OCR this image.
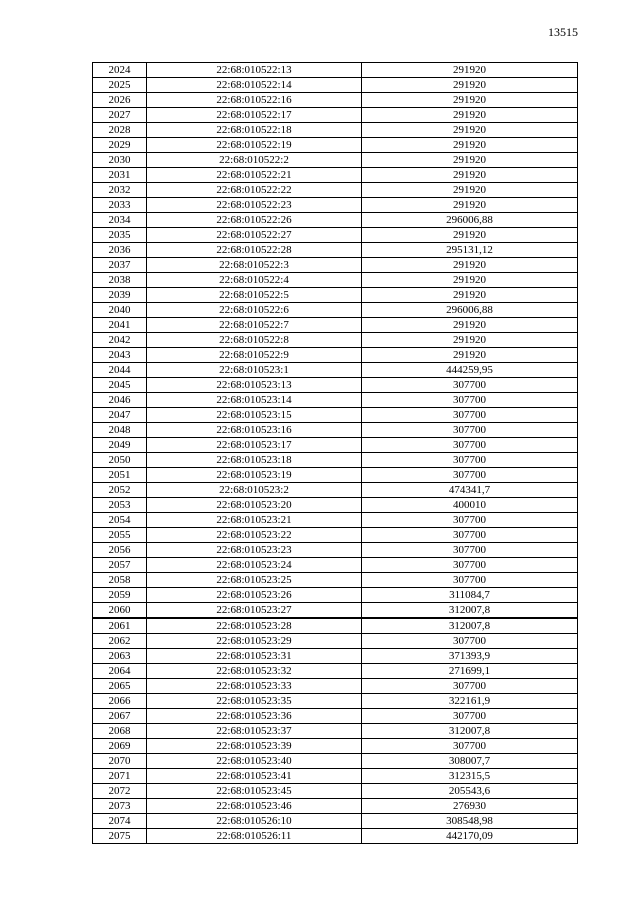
13515
2024	22:68:010522:13	291920
2025	22:68:010522:14	291920
2026	22:68:010522:16	291920
2027	22:68:010522:17	291920
2028	22:68:010522:18	291920
2029	22:68:010522:19	291920
2030	22:68:010522:2	291920
2031	22:68:010522:21	291920
2032	22:68:010522:22	291920
2033	22:68:010522:23	291920
2034	22:68:010522:26	296006,88
2035	22:68:010522:27	291920
2036	22:68:010522:28	295131,12
2037	22:68:010522:3	291920
2038	22:68:010522:4	291920
2039	22:68:010522:5	291920
2040	22:68:010522:6	296006,88
2041	22:68:010522:7	291920
2042	22:68:010522:8	291920
2043	22:68:010522:9	291920
2044	22:68:010523:1	444259,95
2045	22:68:010523:13	307700
2046	22:68:010523:14	307700
2047	22:68:010523:15	307700
2048	22:68:010523:16	307700
2049	22:68:010523:17	307700
2050	22:68:010523:18	307700
2051	22:68:010523:19	307700
2052	22:68:010523:2	474341,7
2053	22:68:010523:20	400010
2054	22:68:010523:21	307700
2055	22:68:010523:22	307700
2056	22:68:010523:23	307700
2057	22:68:010523:24	307700
2058	22:68:010523:25	307700
2059	22:68:010523:26	311084,7
2060	22:68:010523:27	312007,8
2061	22:68:010523:28	312007,8
2062	22:68:010523:29	307700
2063	22:68:010523:31	371393,9
2064	22:68:010523:32	271699,1
2065	22:68:010523:33	307700
2066	22:68:010523:35	322161,9
2067	22:68:010523:36	307700
2068	22:68:010523:37	312007,8
2069	22:68:010523:39	307700
2070	22:68:010523:40	308007,7
2071	22:68:010523:41	312315,5
2072	22:68:010523:45	205543,6
2073	22:68:010523:46	276930
2074	22:68:010526:10	308548,98
2075	22:68:010526:11	442170,09
